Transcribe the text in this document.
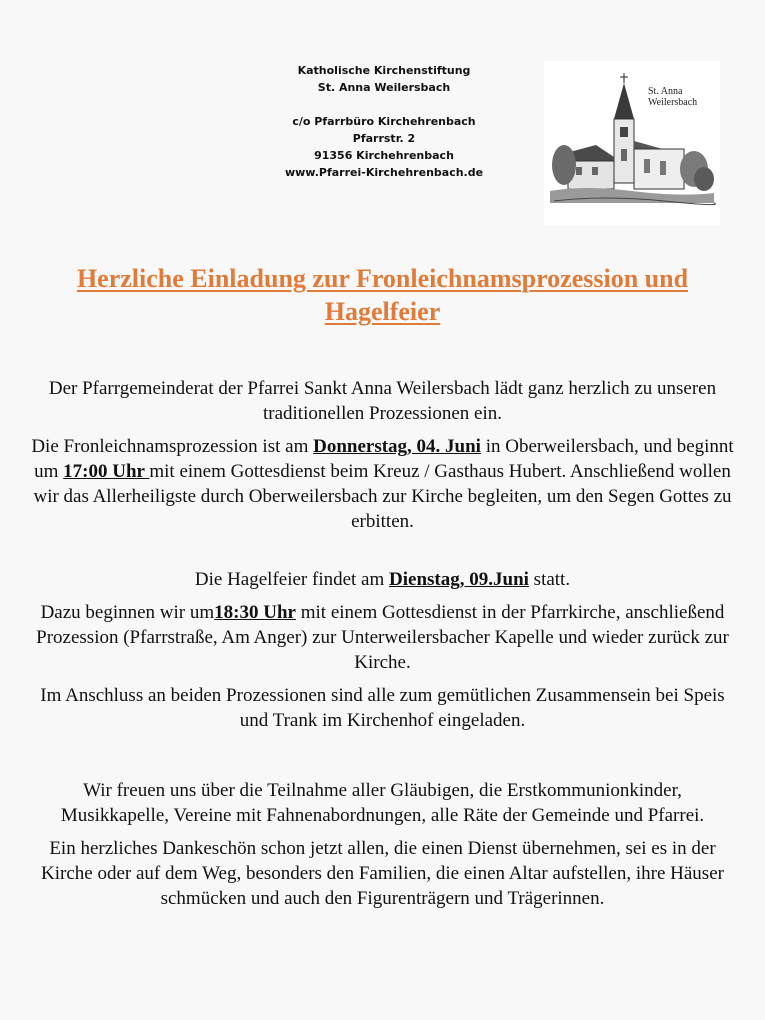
Katholische Kirchenstiftung
St. Anna Weilersbach
c/o Pfarrbüro Kirchehrenbach
Pfarrstr. 2
91356 Kirchehrenbach
www.Pfarrei-Kirchehrenbach.de
St. Anna
Weilersbach
Herzliche Einladung zur Fronleichnamsprozession und Hagelfeier

Der Pfarrgemeinderat der Pfarrei Sankt Anna Weilersbach lädt ganz herzlich zu unseren traditionellen Prozessionen ein.

Die Fronleichnamsprozession ist am Donnerstag, 04. Juni in Oberweilersbach, und beginnt um 17:00 Uhr mit einem Gottesdienst beim Kreuz / Gasthaus Hubert. Anschließend wollen wir das Allerheiligste durch Oberweilersbach zur Kirche begleiten, um den Segen Gottes zu erbitten.

Die Hagelfeier findet am Dienstag, 09.Juni statt.

Dazu beginnen wir um18:30 Uhr mit einem Gottesdienst in der Pfarrkirche, anschließend Prozession (Pfarrstraße, Am Anger) zur Unterweilersbacher Kapelle und wieder zurück zur Kirche.

Im Anschluss an beiden Prozessionen sind alle zum gemütlichen Zusammensein bei Speis und Trank im Kirchenhof eingeladen.

Wir freuen uns über die Teilnahme aller Gläubigen, die Erstkommunionkinder, Musikkapelle, Vereine mit Fahnenabordnungen, alle Räte der Gemeinde und Pfarrei.

Ein herzliches Dankeschön schon jetzt allen, die einen Dienst übernehmen, sei es in der Kirche oder auf dem Weg, besonders den Familien, die einen Altar aufstellen, ihre Häuser schmücken und auch den Figurenträgern und Trägerinnen.
